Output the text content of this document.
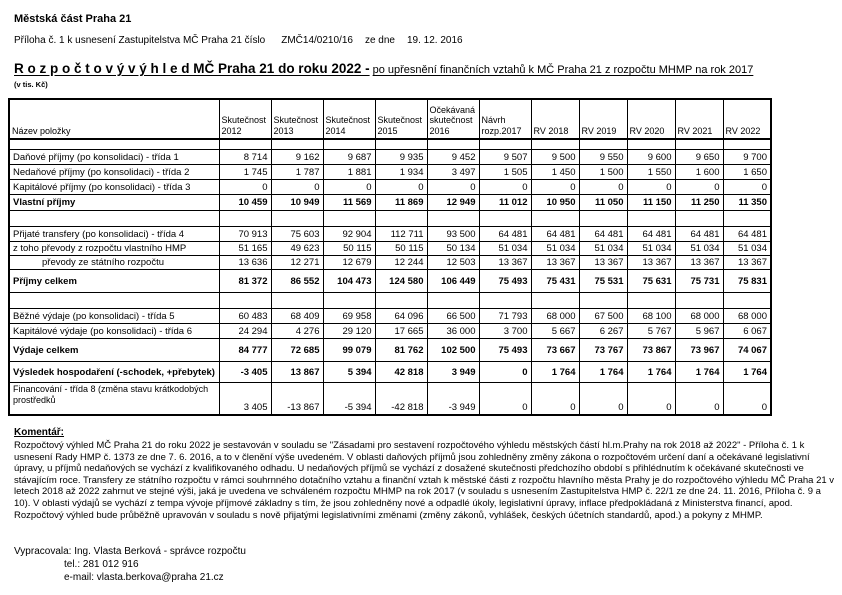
Městská část Praha 21
Příloha č. 1 k usnesení Zastupitelstva MČ Praha 21 číslo ZMČ14/0210/16 ze dne 19. 12. 2016
R o z p o č t o v ý v ý h l e d MČ Praha 21 do roku 2022 - po upřesnění finančních vztahů k MČ Praha 21 z rozpočtu MHMP na rok 2017
(v tis. Kč)
Název položky	Skutečnost 2012	Skutečnost 2013	Skutečnost 2014	Skutečnost 2015	Očekávaná skutečnost 2016	Návrh rozp.2017	RV 2018	RV 2019	RV 2020	RV 2021	RV 2022

Daňové příjmy (po konsolidaci) - třída 1	8 714	9 162	9 687	9 935	9 452	9 507	9 500	9 550	9 600	9 650	9 700
Nedaňové příjmy (po konsolidaci) - třída 2	1 745	1 787	1 881	1 934	3 497	1 505	1 450	1 500	1 550	1 600	1 650
Kapitálové příjmy (po konsolidaci) - třída 3	0	0	0	0	0	0	0	0	0	0	0
Vlastní příjmy	10 459	10 949	11 569	11 869	12 949	11 012	10 950	11 050	11 150	11 250	11 350

Přijaté transfery (po konsolidaci) - třída 4	70 913	75 603	92 904	112 711	93 500	64 481	64 481	64 481	64 481	64 481	64 481
z toho převody z rozpočtu vlastního HMP	51 165	49 623	50 115	50 115	50 134	51 034	51 034	51 034	51 034	51 034	51 034
převody ze státního rozpočtu	13 636	12 271	12 679	12 244	12 503	13 367	13 367	13 367	13 367	13 367	13 367
Příjmy celkem	81 372	86 552	104 473	124 580	106 449	75 493	75 431	75 531	75 631	75 731	75 831

Běžné výdaje (po konsolidaci) - třída 5	60 483	68 409	69 958	64 096	66 500	71 793	68 000	67 500	68 100	68 000	68 000
Kapitálové výdaje (po konsolidaci) - třída 6	24 294	4 276	29 120	17 665	36 000	3 700	5 667	6 267	5 767	5 967	6 067
Výdaje celkem	84 777	72 685	99 079	81 762	102 500	75 493	73 667	73 767	73 867	73 967	74 067
Výsledek hospodaření (-schodek, +přebytek)	-3 405	13 867	5 394	42 818	3 949	0	1 764	1 764	1 764	1 764	1 764
Financování - třída 8 (změna stavu krátkodobých prostředků	3 405	-13 867	-5 394	-42 818	-3 949	0	0	0	0	0	0
Komentář:
Rozpočtový výhled MČ Praha 21 do roku 2022 je sestavován v souladu se "Zásadami pro sestavení rozpočtového výhledu městských částí hl.m.Prahy na rok 2018 až 2022" - Příloha č. 1 k usnesení Rady HMP č. 1373 ze dne 7. 6. 2016, a to v členění výše uvedeném. V oblasti daňových příjmů jsou zohledněny změny zákona o rozpočtovém určení daní a očekávané legislativní úpravy, u příjmů nedaňových se vychází z kvalifikovaného odhadu. U nedaňových příjmů se vychází z dosažené skutečnosti předchozího období s přihlédnutím k očekávané skutečnosti ve stávajícím roce. Transfery ze státního rozpočtu v rámci souhrnného dotačního vztahu a finanční vztah k městské části z rozpočtu hlavního města Prahy je do rozpočtového výhledu MČ Praha 21 v letech 2018 až 2022 zahrnut ve stejné výši, jaká je uvedena ve schváleném rozpočtu MHMP na rok 2017 (v souladu s usnesením Zastupitelstva HMP č. 22/1 ze dne 24. 11. 2016, Příloha č. 9 a 10). V oblasti výdajů se vychází z tempa vývoje příjmové základny s tím, že jsou zohledněny nové a odpadlé úkoly, legislativní úpravy, inflace předpokládaná z Ministerstva financí, apod. Rozpočtový výhled bude průběžně upravován v souladu s nově přijatými legislativními změnami (změny zákonů, vyhlášek, českých účetních standardů, apod.) a pokyny z MHMP.
Vypracovala: Ing. Vlasta Berková - správce rozpočtu
tel.: 281 012 916
e-mail: vlasta.berkova@praha 21.cz
